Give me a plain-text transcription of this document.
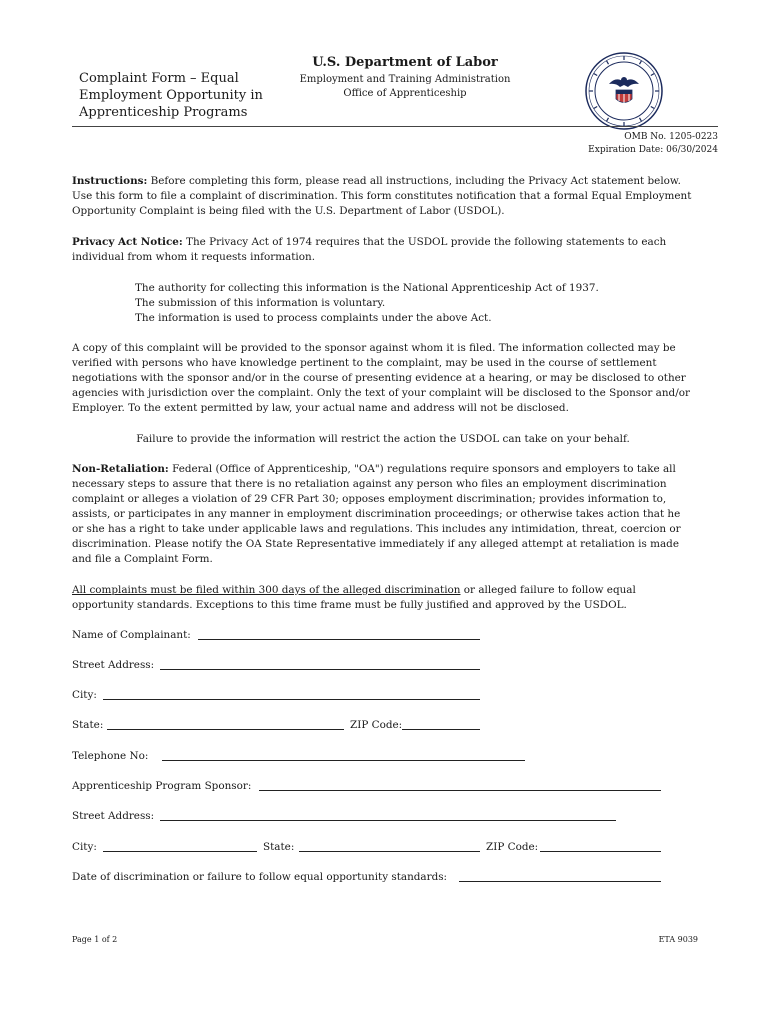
Complaint Form – Equal
Employment Opportunity in
Apprenticeship Programs
U.S. Department of Labor
Employment and Training Administration
Office of Apprenticeship
OMB No. 1205-0223
Expiration Date: 06/30/2024
Instructions: Before completing this form, please read all instructions, including the Privacy Act statement below. Use this form to file a complaint of discrimination. This form constitutes notification that a formal Equal Employment Opportunity Complaint is being filed with the U.S. Department of Labor (USDOL).
Privacy Act Notice: The Privacy Act of 1974 requires that the USDOL provide the following statements to each individual from whom it requests information.
The authority for collecting this information is the National Apprenticeship Act of 1937.
The submission of this information is voluntary.
The information is used to process complaints under the above Act.
A copy of this complaint will be provided to the sponsor against whom it is filed. The information collected may be verified with persons who have knowledge pertinent to the complaint, may be used in the course of settlement negotiations with the sponsor and/or in the course of presenting evidence at a hearing, or may be disclosed to other agencies with jurisdiction over the complaint. Only the text of your complaint will be disclosed to the Sponsor and/or Employer. To the extent permitted by law, your actual name and address will not be disclosed.
Failure to provide the information will restrict the action the USDOL can take on your behalf.
Non-Retaliation: Federal (Office of Apprenticeship, "OA") regulations require sponsors and employers to take all necessary steps to assure that there is no retaliation against any person who files an employment discrimination complaint or alleges a violation of 29 CFR Part 30; opposes employment discrimination; provides information to, assists, or participates in any manner in employment discrimination proceedings; or otherwise takes action that he or she has a right to take under applicable laws and regulations. This includes any intimidation, threat, coercion or discrimination. Please notify the OA State Representative immediately if any alleged attempt at retaliation is made and file a Complaint Form.
All complaints must be filed within 300 days of the alleged discrimination or alleged failure to follow equal opportunity standards. Exceptions to this time frame must be fully justified and approved by the USDOL.
Name of Complainant:
Street Address:
City:
State:	ZIP Code:
Telephone No:
Apprenticeship Program Sponsor:
Street Address:
City:	State:	ZIP Code:
Date of discrimination or failure to follow equal opportunity standards:
Page 1 of 2	ETA 9039
